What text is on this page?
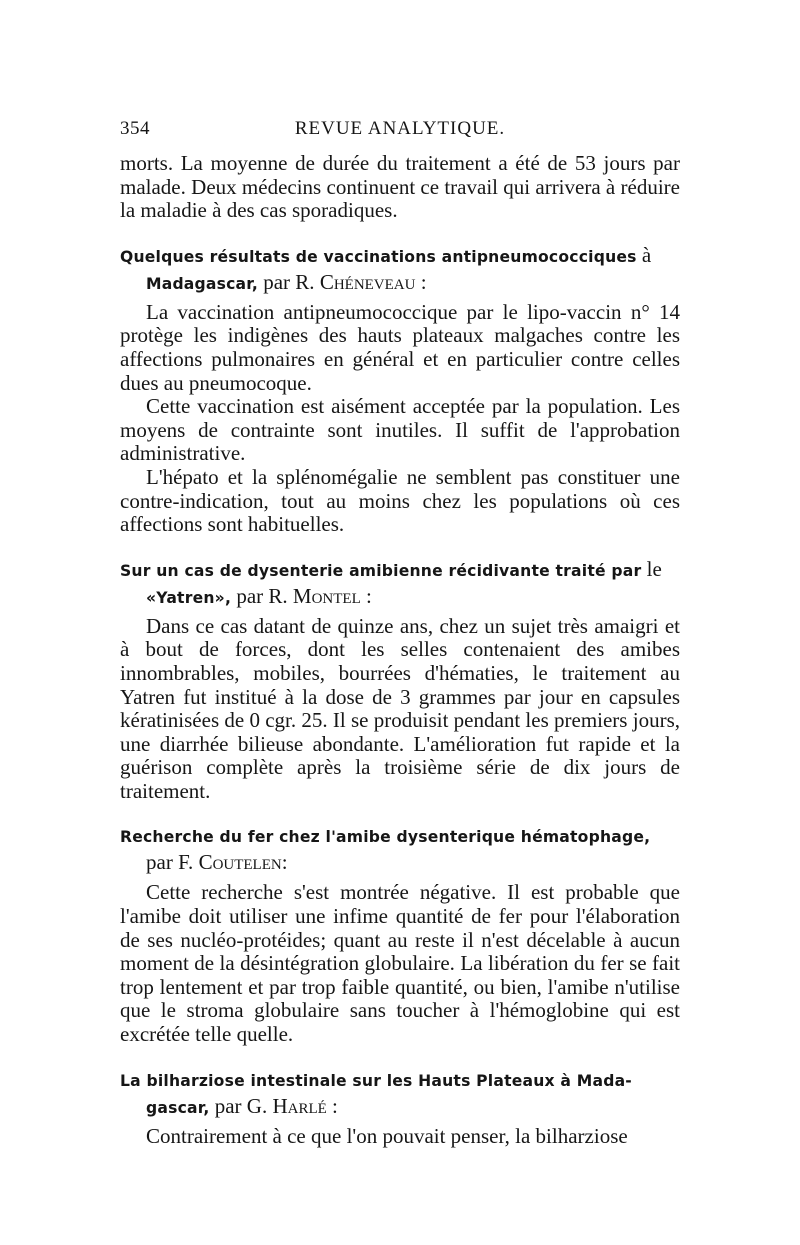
354	REVUE ANALYTIQUE.

morts. La moyenne de durée du traitement a été de 53 jours par malade. Deux médecins continuent ce travail qui arrivera à réduire la maladie à des cas sporadiques.

Quelques résultats de vaccinations antipneumococciques à
Madagascar, par R. Chéneveau :

La vaccination antipneumococcique par le lipo-vaccin n° 14 protège les indigènes des hauts plateaux malgaches contre les affections pulmonaires en général et en particulier contre celles dues au pneumocoque.

Cette vaccination est aisément acceptée par la population. Les moyens de contrainte sont inutiles. Il suffit de l'approbation administrative.

L'hépato et la splénomégalie ne semblent pas constituer une contre-indication, tout au moins chez les populations où ces affections sont habituelles.

Sur un cas de dysenterie amibienne récidivante traité par le
«Yatren», par R. Montel :

Dans ce cas datant de quinze ans, chez un sujet très amaigri et à bout de forces, dont les selles contenaient des amibes innombrables, mobiles, bourrées d'hématies, le traitement au Yatren fut institué à la dose de 3 grammes par jour en capsules kératinisées de 0 cgr. 25. Il se produisit pendant les premiers jours, une diarrhée bilieuse abondante. L'amélioration fut rapide et la guérison complète après la troisième série de dix jours de traitement.

Recherche du fer chez l'amibe dysenterique hématophage,
par F. Coutelen:

Cette recherche s'est montrée négative. Il est probable que l'amibe doit utiliser une infime quantité de fer pour l'élaboration de ses nucléo-protéides; quant au reste il n'est décelable à aucun moment de la désintégration globulaire. La libération du fer se fait trop lentement et par trop faible quantité, ou bien, l'amibe n'utilise que le stroma globulaire sans toucher à l'hémoglobine qui est excrétée telle quelle.

La bilharziose intestinale sur les Hauts Plateaux à Mada-
gascar, par G. Harlé :

Contrairement à ce que l'on pouvait penser, la bilharziose
